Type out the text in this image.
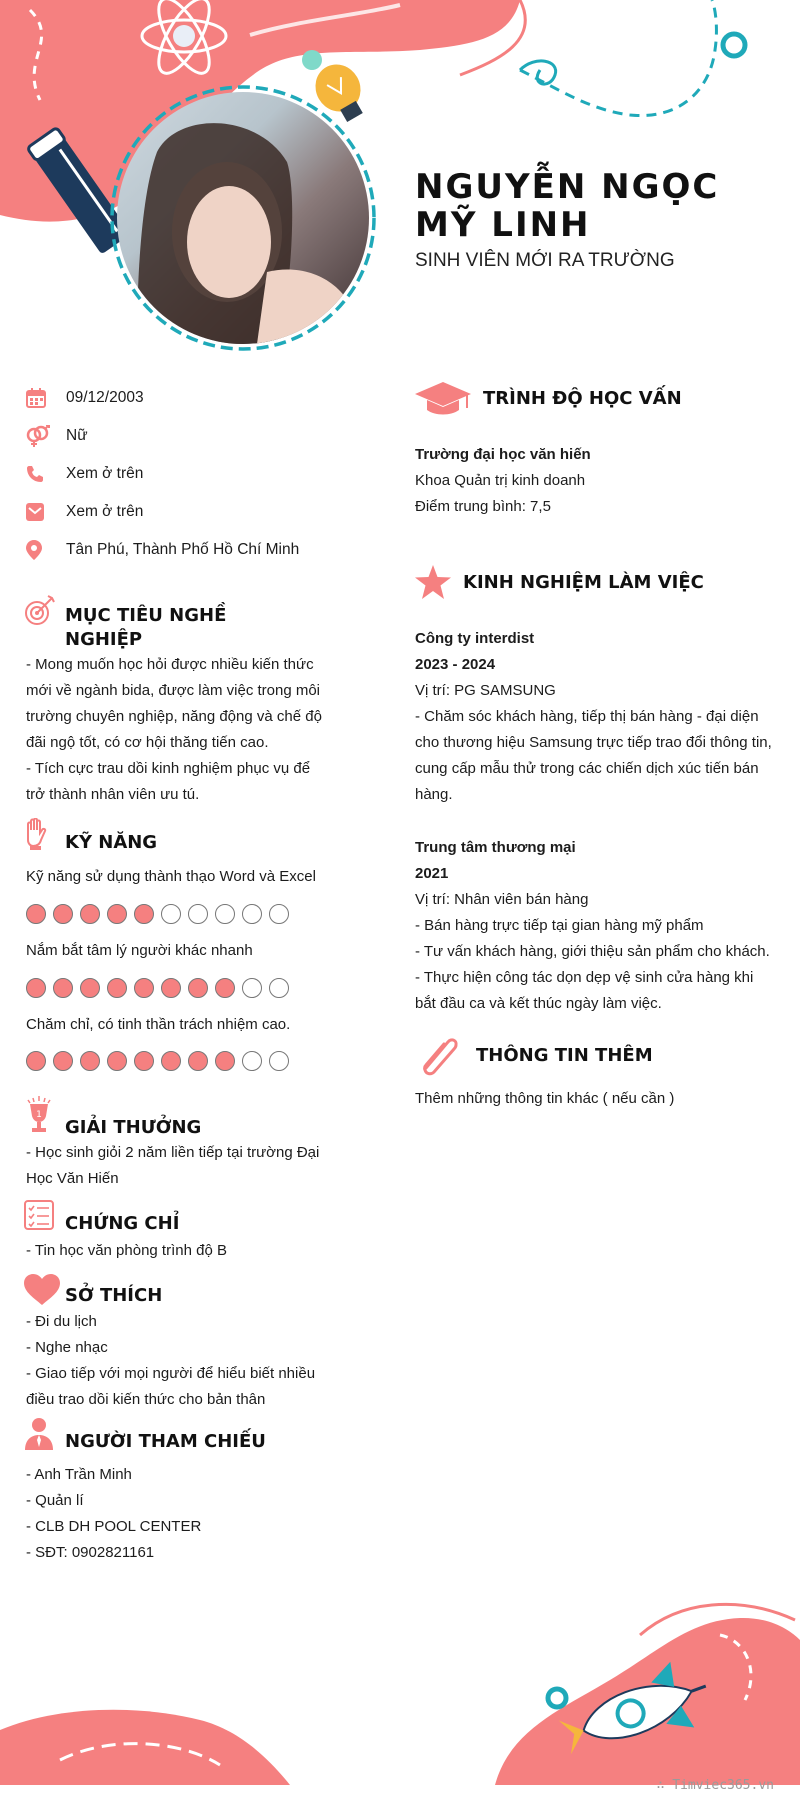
NGUYỄN NGỌC MỸ LINH
SINH VIÊN MỚI RA TRƯỜNG
09/12/2003
Nữ
Xem ở trên
Xem ở trên
Tân Phú, Thành Phố Hồ Chí Minh
MỤC TIÊU NGHỀ
NGHIỆP

- Mong muốn học hỏi được nhiều kiến thức

mới về ngành bida, được làm việc trong môi

trường chuyên nghiệp, năng động và chế độ

đãi ngộ tốt, có cơ hội thăng tiến cao.

- Tích cực trau dồi kinh nghiệm phục vụ để

trở thành nhân viên ưu tú.

KỸ NĂNG
Kỹ năng sử dụng thành thạo Word và Excel
Nắm bắt tâm lý người khác nhanh
Chăm chỉ, có tinh thần trách nhiệm cao.
1
GIẢI THƯỞNG

- Học sinh giỏi 2 năm liền tiếp tại trường Đại

Học Văn Hiến

CHỨNG CHỈ
- Tin học văn phòng trình độ B
SỞ THÍCH

- Đi du lịch

- Nghe nhạc

- Giao tiếp với mọi người để hiểu biết nhiều

điều trao dồi kiến thức cho bản thân

NGƯỜI THAM CHIẾU

- Anh Trần Minh

- Quản lí

- CLB DH POOL CENTER

- SĐT: 0902821161

TRÌNH ĐỘ HỌC VẤN

Trường đại học văn hiến

Khoa Quản trị kinh doanh

Điểm trung bình: 7,5

KINH NGHIỆM LÀM VIỆC

Công ty interdist

2023 - 2024

Vị trí: PG SAMSUNG

- Chăm sóc khách hàng, tiếp thị bán hàng - đại diện

cho thương hiệu Samsung trực tiếp trao đổi thông tin,

cung cấp mẫu thử trong các chiến dịch xúc tiến bán

hàng.

Trung tâm thương mại

2021

Vị trí: Nhân viên bán hàng

- Bán hàng trực tiếp tại gian hàng mỹ phẩm

- Tư vấn khách hàng, giới thiệu sản phẩm cho khách.

- Thực hiện công tác dọn dẹp vệ sinh cửa hàng khi

bắt đầu ca và kết thúc ngày làm việc.

THÔNG TIN THÊM
Thêm những thông tin khác ( nếu cần )
∴ Timviec365.vn
